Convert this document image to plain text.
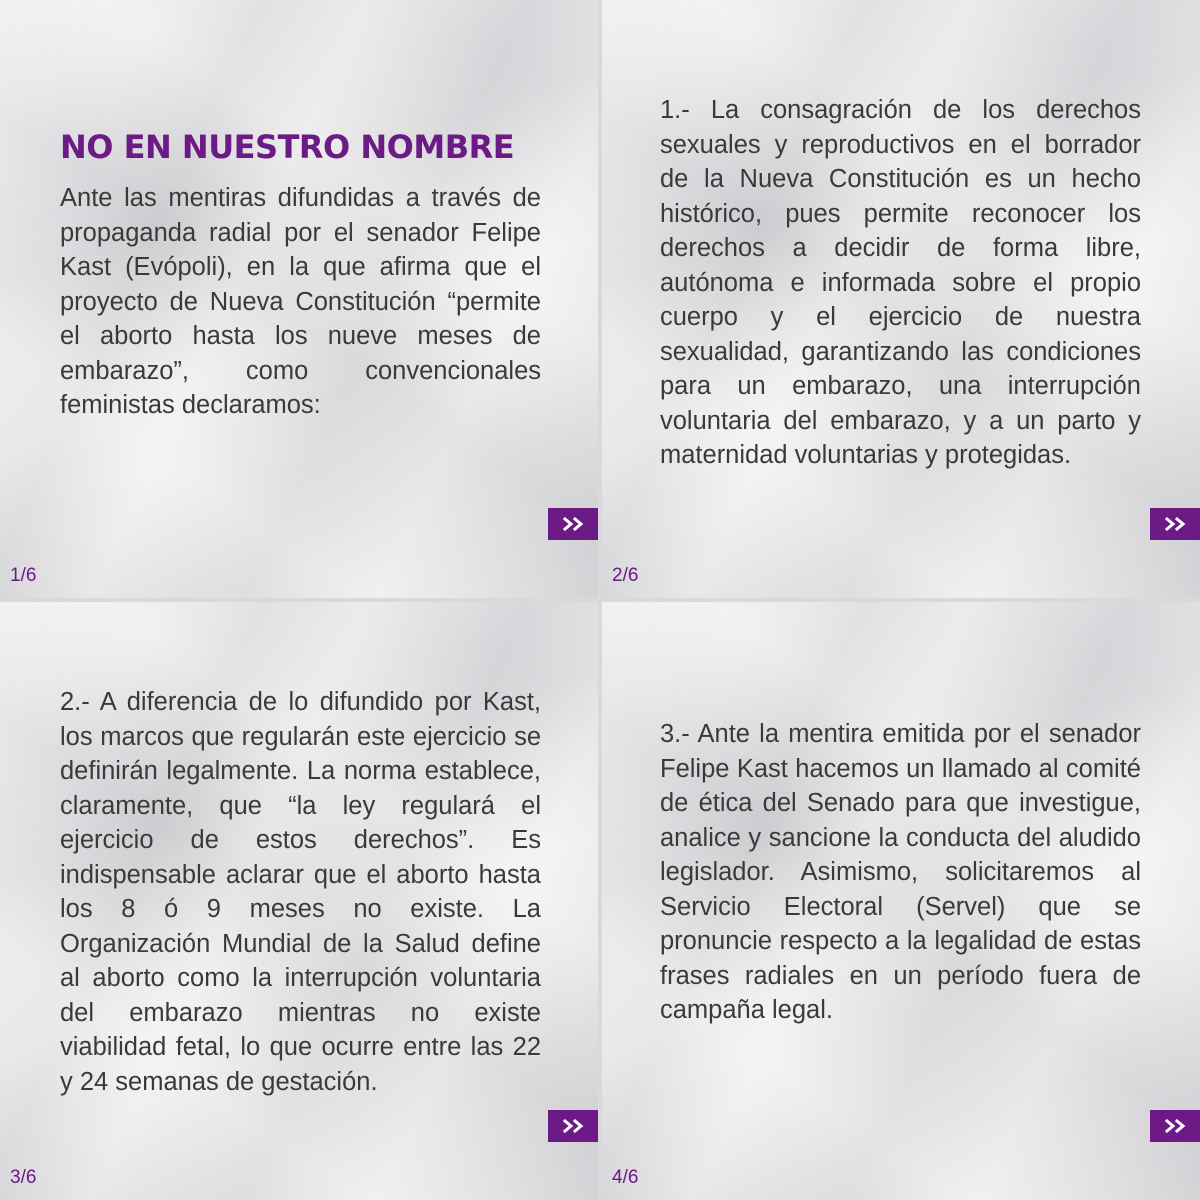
NO EN NUESTRO NOMBRE

Ante las mentiras difundidas a través de propaganda radial por el senador Felipe Kast (Evópoli), en la que afirma que el proyecto de Nueva Constitución “permite el aborto hasta los nueve meses de embarazo”, como convencionales feministas declaramos:

1/6

1.- La consagración de los derechos sexuales y reproductivos en el borrador de la Nueva Constitución es un hecho histórico, pues permite reconocer los derechos a decidir de forma libre, autónoma e informada sobre el propio cuerpo y el ejercicio de nuestra sexualidad, garantizando las condiciones para un embarazo, una interrupción voluntaria del embarazo, y a un parto y maternidad voluntarias y protegidas.

2/6

2.- A diferencia de lo difundido por Kast, los marcos que regularán este ejercicio se definirán legalmente. La norma establece, claramente, que “la ley regulará el ejercicio de estos derechos”. Es indispensable aclarar que el aborto hasta los 8 ó 9 meses no existe. La Organización Mundial de la Salud define al aborto como la interrupción voluntaria del embarazo mientras no existe viabilidad fetal, lo que ocurre entre las 22 y 24 semanas de gestación.

3/6

3.- Ante la mentira emitida por el senador Felipe Kast hacemos un llamado al comité de ética del Senado para que investigue, analice y sancione la conducta del aludido legislador. Asimismo, solicitaremos al Servicio Electoral (Servel) que se pronuncie respecto a la legalidad de estas frases radiales en un período fuera de campaña legal.

4/6
